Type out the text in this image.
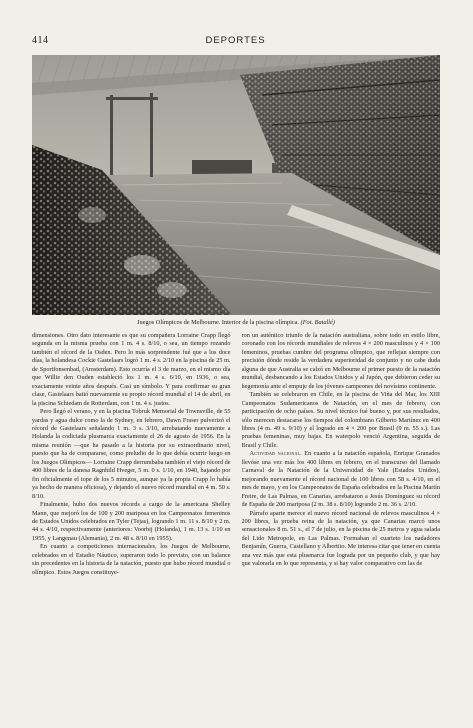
414	DEPORTES
Juegos Olímpicos de Melbourne. Interior de la piscina olímpica. (Fot. Batallé)

dimensiones. Otro dato interesante es que su compañera Lorraine Crapp llegó segunda en la misma prueba con 1 m. 4 s. 8/10, o sea, un tiempo rozando también el récord de la Osden. Pero lo más sorprendente fué que a los doce días, la holandesa Cockie Gastelaars logró 1 m. 4 s. 2/10 en la piscina de 25 m. de Sportfonsenbad, (Amsterdam). Esto ocurría el 3 de marzo, en el mismo día que Willie den Ouden estableció los 1 m. 4 s. 6/10, en 1936, o sea, exactamente veinte años después. Casi un símbolo. Y para confirmar su gran clase, Gastelaars batió nuevamente su propio récord mundial el 14 de abril, en la piscina Schiedam de Rotterdam, con 1 m. 4 s. justos.

Pero llegó el verano, y en la piscina Tobruk Memorial de Townsville, de 55 yardas y agua dulce como la de Sydney, en febrero, Dawn Fraser pulverizó el récord de Gastelaars señalando 1 m. 3 s. 3/10, arrebatando nuevamente a Holanda la codiciada plusmarca exactamente el 26 de agosto de 1956. En la misma reunión —que ha pasado a la historia por su extraordinario nivel, puesto que ha de compararse, como preludio de lo que debía ocurrir luego en los Juegos Olímpicos— Lorraine Crapp derrumbaba también el viejo récord de 400 libres de la danesa Ragnhild Hveger, 5 m. 0 s. 1/10, en 1940, bajando por fin oficialmente el tope de los 5 minutos, aunque ya la propia Crapp lo había ya hecho de manera oficiosa), y dejando el nuevo récord mundial en 4 m. 50 s. 8/10.

Finalmente, hubo dos nuevos récords a cargo de la americana Shelley Mann, que mejoró los de 100 y 200 mariposa en los Campeonatos femeninos de Estados Unidos celebrados en Tyler (Tejas), logrando 1 m. 11 s. 8/10 y 2 m. 44 s. 4/10, respectivamente (anteriores: Voorbij (Holanda), 1 m. 13 s. 1/10 en 1955, y Langenau (Alemania), 2 m. 48 s. 8/10 en 1955).

En cuanto a competiciones internacionales, los Juegos de Melbourne, celebrados en el Estadio Náutico, superaron todo lo previsto, con un balance sin precedentes en la historia de la natación, puesto que hubo récord mundial o olímpico. Estos Juegos constituye-

ron un auténtico triunfo de la natación australiana, sobre todo en estilo libre, coronado con los récords mundiales de relevos 4 × 200 masculinos y 4 × 100 femeninos, pruebas cumbre del programa olímpico, que reflejan siempre con precisión dónde reside la verdadera superioridad de conjunto y no cabe duda alguna de que Australia se calzó en Melbourne el primer puesto de la natación mundial, desbancando a los Estados Unidos y al Japón, que debieron ceder su hegemonía ante el empuje de los jóvenes campeones del novísimo continente.

También se celebraron en Chile, en la piscina de Viña del Mar, los XIII Campeonatos Sudamericanos de Natación, en el mes de febrero, con participación de ocho países. Su nivel técnico fué bueno y, por sus resultados, sólo merecen destacarse los tiempos del colombiano Gilberto Martínez en 400 libres (4 m. 49 s. 9/10) y el logrado en 4 × 200 por Brasil (9 m. 55 s.). Las pruebas femeninas, muy bajas. En waterpolo venció Argentina, seguida de Brasil y Chile.

Actividad nacional. En cuanto a la natación española, Enrique Granados llevóse una vez más los 400 libres en febrero, en el transcurso del llamado Carnaval de la Natación de la Universidad de Yale (Estados Unidos), mejorando nuevamente el récord nacional de 100 libres con 58 s. 4/10, en el mes de mayo, y en los Campeonatos de España celebrados en la Piscina Martín Freire, de Las Palmas, en Canarias, arrebataron a Jesús Domínguez su récord de España de 200 mariposa (2 m. 38 s. 8/10) logrando 2 m. 36 s. 2/10.

Párrafo aparte merece el nuevo récord nacional de relevos masculinos 4 × 200 libres, la prueba reina de la natación, ya que Canarias marcó unos sensacionales 8 m. 51 s., el 7 de julio, en la piscina de 25 metros y agua salada del Lido Metropole, en Las Palmas. Formaban el cuarteto los nadadores Benjamín, Guerra, Castellano y Albertito. Me interesa citar que tener en cuenta una vez más que esta plusmarca fue lograda por un pequeño club, y que hay que valorarla en lo que representa, y si hay valor comparativo con las de
